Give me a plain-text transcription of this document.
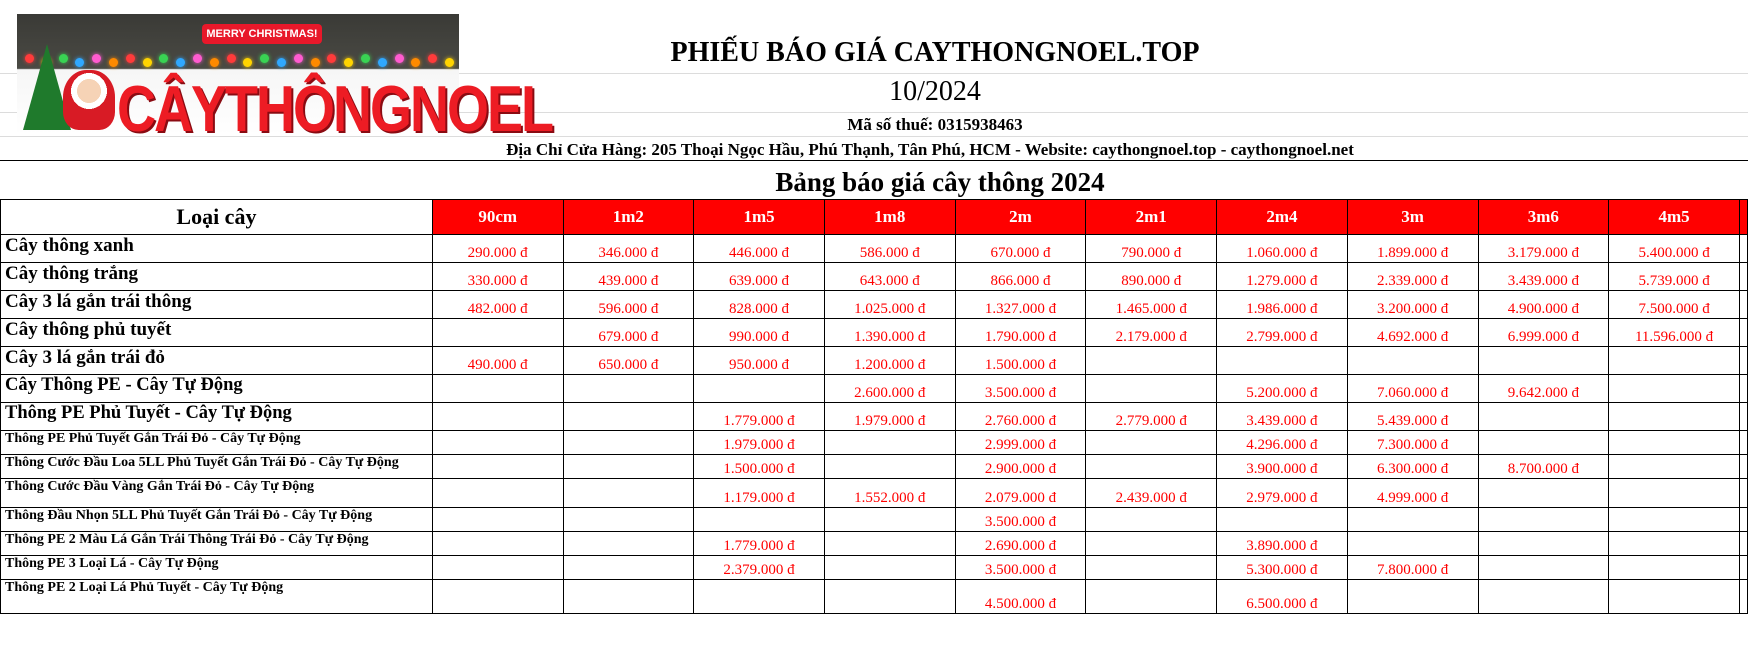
MERRY CHRISTMAS!
CÂYTHÔNGNOEL
PHIẾU BÁO GIÁ CAYTHONGNOEL.TOP
10/2024
Mã số thuế: 0315938463
Địa Chỉ Cửa Hàng: 205 Thoại Ngọc Hầu, Phú Thạnh, Tân Phú, HCM - Website: caythongnoel.top - caythongnoel.net
Bảng báo giá cây thông 2024
Loại cây	90cm	1m2	1m5	1m8	2m	2m1	2m4	3m	3m6	4m5	
Cây thông xanh	290.000 đ	346.000 đ	446.000 đ	586.000 đ	670.000 đ	790.000 đ	1.060.000 đ	1.899.000 đ	3.179.000 đ	5.400.000 đ	
Cây thông trắng	330.000 đ	439.000 đ	639.000 đ	643.000 đ	866.000 đ	890.000 đ	1.279.000 đ	2.339.000 đ	3.439.000 đ	5.739.000 đ	
Cây 3 lá gắn trái thông	482.000 đ	596.000 đ	828.000 đ	1.025.000 đ	1.327.000 đ	1.465.000 đ	1.986.000 đ	3.200.000 đ	4.900.000 đ	7.500.000 đ	
Cây thông phủ tuyết		679.000 đ	990.000 đ	1.390.000 đ	1.790.000 đ	2.179.000 đ	2.799.000 đ	4.692.000 đ	6.999.000 đ	11.596.000 đ	
Cây 3 lá gắn trái đỏ	490.000 đ	650.000 đ	950.000 đ	1.200.000 đ	1.500.000 đ						
Cây Thông PE - Cây Tự Động				2.600.000 đ	3.500.000 đ		5.200.000 đ	7.060.000 đ	9.642.000 đ		
Thông PE Phủ Tuyết - Cây Tự Động			1.779.000 đ	1.979.000 đ	2.760.000 đ	2.779.000 đ	3.439.000 đ	5.439.000 đ			
Thông PE Phủ Tuyết Gắn Trái Đỏ - Cây Tự Động			1.979.000 đ		2.999.000 đ		4.296.000 đ	7.300.000 đ			
Thông Cước Đầu Loa 5LL Phủ Tuyết Gắn Trái Đỏ - Cây Tự Động			1.500.000 đ		2.900.000 đ		3.900.000 đ	6.300.000 đ	8.700.000 đ		
Thông Cước Đầu Vàng Gắn Trái Đỏ - Cây Tự Động			1.179.000 đ	1.552.000 đ	2.079.000 đ	2.439.000 đ	2.979.000 đ	4.999.000 đ			
Thông Đầu Nhọn 5LL Phủ Tuyết Gắn Trái Đỏ - Cây Tự Động					3.500.000 đ						
Thông PE 2 Màu Lá Gắn Trái Thông Trái Đỏ - Cây Tự Động			1.779.000 đ		2.690.000 đ		3.890.000 đ				
Thông PE 3 Loại Lá - Cây Tự Động			2.379.000 đ		3.500.000 đ		5.300.000 đ	7.800.000 đ			
Thông PE 2 Loại Lá Phủ Tuyết - Cây Tự Động					4.500.000 đ		6.500.000 đ				
